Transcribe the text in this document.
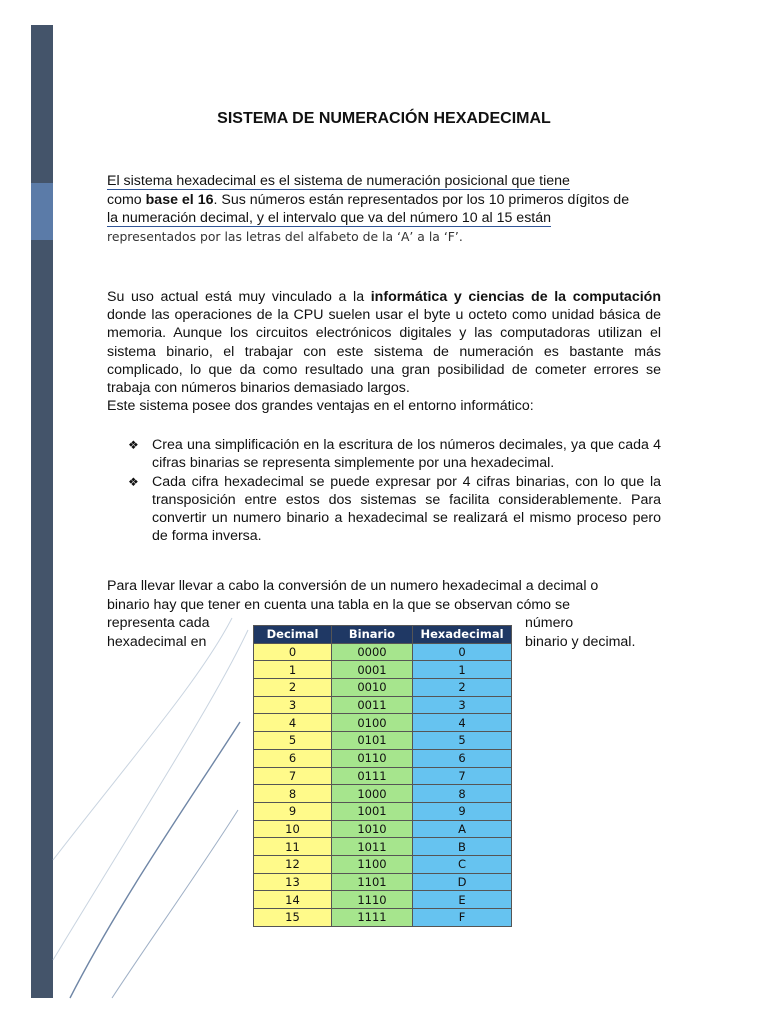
SISTEMA DE NUMERACIÓN HEXADECIMAL
El sistema hexadecimal es el sistema de numeración posicional que tiene
como base el 16. Sus números están representados por los 10 primeros dígitos de
la numeración decimal, y el intervalo que va del número 10 al 15 están
representados por las letras del alfabeto de la ‘A’ a la ‘F’.
Su uso actual está muy vinculado a la informática y ciencias de la computación donde las operaciones de la CPU suelen usar el byte u octeto como unidad básica de memoria. Aunque los circuitos electrónicos digitales y las computadoras utilizan el sistema binario, el trabajar con este sistema de numeración es bastante más complicado, lo que da como resultado una gran posibilidad de cometer errores se trabaja con números binarios demasiado largos.
Este sistema posee dos grandes ventajas en el entorno informático:
❖ Crea una simplificación en la escritura de los números decimales, ya que cada 4 cifras binarias se representa simplemente por una hexadecimal.
❖ Cada cifra hexadecimal se puede expresar por 4 cifras binarias, con lo que la transposición entre estos dos sistemas se facilita considerablemente. Para convertir un numero binario a hexadecimal se realizará el mismo proceso pero de forma inversa.
Para llevar llevar a cabo la conversión de un numero hexadecimal a decimal o
binario hay que tener en cuenta una tabla en la que se observan cómo se
representa cada
hexadecimal en
número
binario y decimal.
Decimal	Binario	Hexadecimal
0	0000	0
1	0001	1
2	0010	2
3	0011	3
4	0100	4
5	0101	5
6	0110	6
7	0111	7
8	1000	8
9	1001	9
10	1010	A
11	1011	B
12	1100	C
13	1101	D
14	1110	E
15	1111	F
